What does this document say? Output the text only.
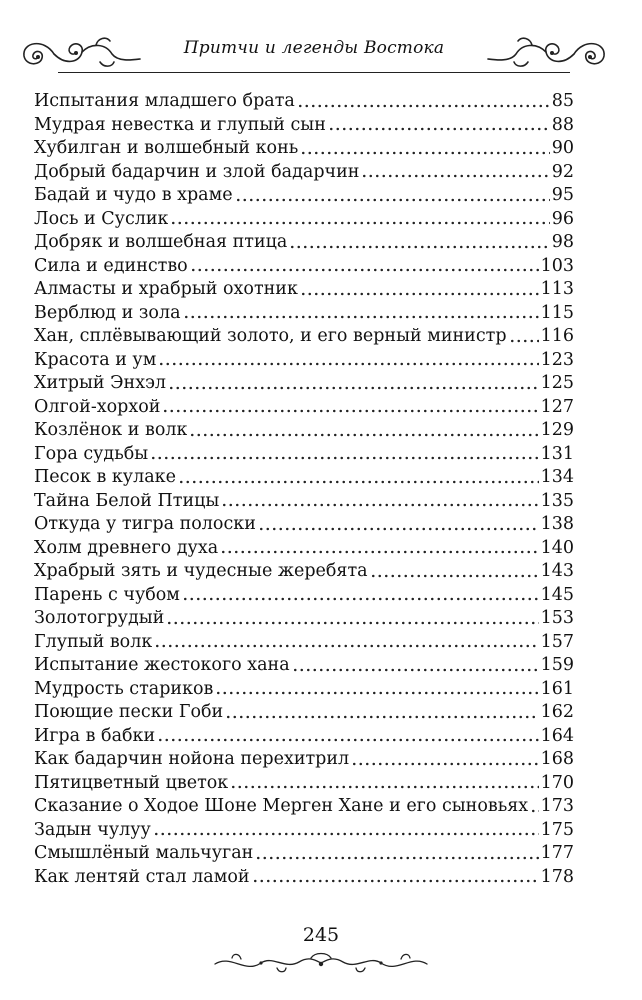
Притчи и легенды Востока
Испытания младшего брата	85
Мудрая невестка и глупый сын	88
Хубилган и волшебный конь	90
Добрый бадарчин и злой бадарчин	92
Бадай и чудо в храме	95
Лось и Суслик	96
Добряк и волшебная птица	98
Сила и единство	103
Алмасты и храбрый охотник	113
Верблюд и зола	115
Хан, сплёвывающий золото, и его верный министр 116
Красота и ум	123
Хитрый Энхэл	125
Олгой-хорхой	127
Козлёнок и волк	129
Гора судьбы	131
Песок в кулаке	134
Тайна Белой Птицы	135
Откуда у тигра полоски	138
Холм древнего духа	140
Храбрый зять и чудесные жеребята	143
Парень с чубом	145
Золотогрудый	153
Глупый волк	157
Испытание жестокого хана	159
Мудрость стариков	161
Поющие пески Гоби	162
Игра в бабки	164
Как бадарчин нойона перехитрил	168
Пятицветный цветок	170
Сказание о Ходое Шоне Мерген Хане и его сыновьях 173
Задын чулуу	175
Смышлёный мальчуган	177
Как лентяй стал ламой	178
245
